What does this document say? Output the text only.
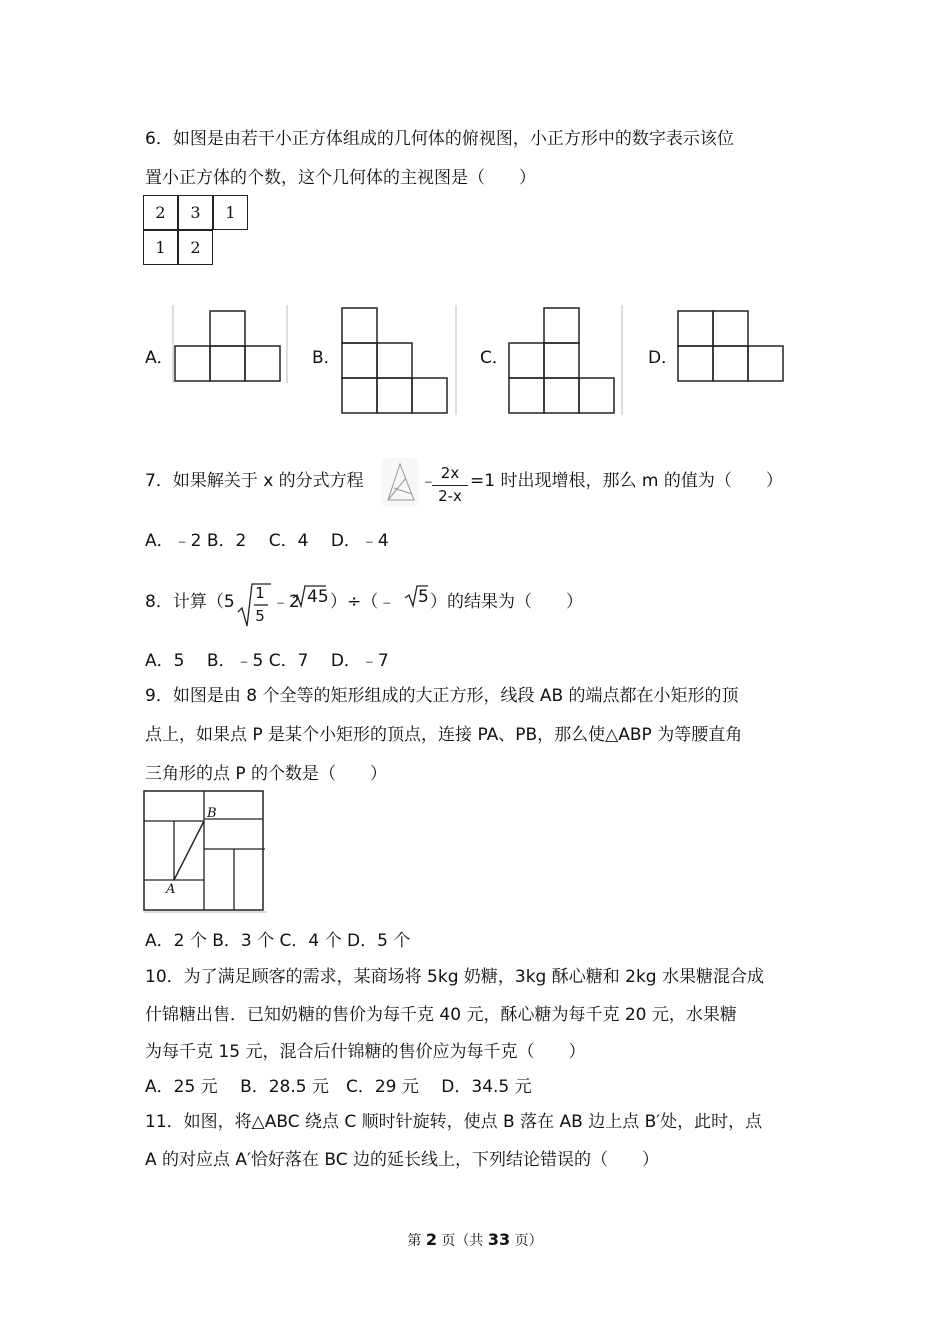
6．如图是由若干小正方体组成的几何体的俯视图，小正方形中的数字表示该位
置小正方体的个数，这个几何体的主视图是（　　）
2	3	1
1	2
A．	B．	C．	D．
7．如果解关于 x 的分式方程	﹣ 2x
2-x
=1 时出现增根，那么 m 的值为（　　）
A．﹣2 B．2　 C．4　 D．﹣4
8．计算（5 1
5
﹣2 45 ）÷（﹣ 5 ）的结果为（　　）
A．5　 B．﹣5 C．7　 D．﹣7
9．如图是由 8 个全等的矩形组成的大正方形，线段 AB 的端点都在小矩形的顶
点上，如果点 P 是某个小矩形的顶点，连接 PA、PB，那么使△ABP 为等腰直角
三角形的点 P 的个数是（　　）
A
B
A．2 个 B．3 个 C．4 个 D．5 个
10．为了满足顾客的需求，某商场将 5kg 奶糖，3kg 酥心糖和 2kg 水果糖混合成
什锦糖出售．已知奶糖的售价为每千克 40 元，酥心糖为每千克 20 元，水果糖
为每千克 15 元，混合后什锦糖的售价应为每千克（　　）
A．25 元　 B．28.5 元　C．29 元　 D．34.5 元
11．如图，将△ABC 绕点 C 顺时针旋转，使点 B 落在 AB 边上点 B′处，此时，点
A 的对应点 A′恰好落在 BC 边的延长线上，下列结论错误的（　　）
第 2 页（共 33 页）
